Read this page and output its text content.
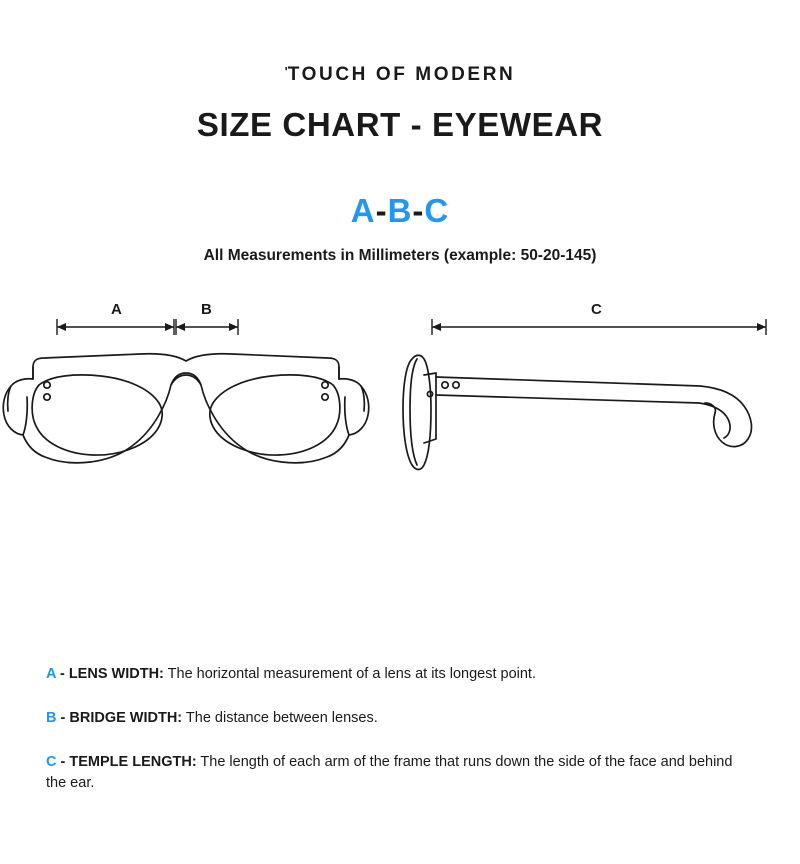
'TOUCH OF MODERN
SIZE CHART - EYEWEAR
A-B-C
All Measurements in Millimeters (example: 50-20-145)
A	B	C
A - LENS WIDTH: The horizontal measurement of a lens at its longest point.
B - BRIDGE WIDTH: The distance between lenses.
C - TEMPLE LENGTH: The length of each arm of the frame that runs down the side of the face and behind the ear.
